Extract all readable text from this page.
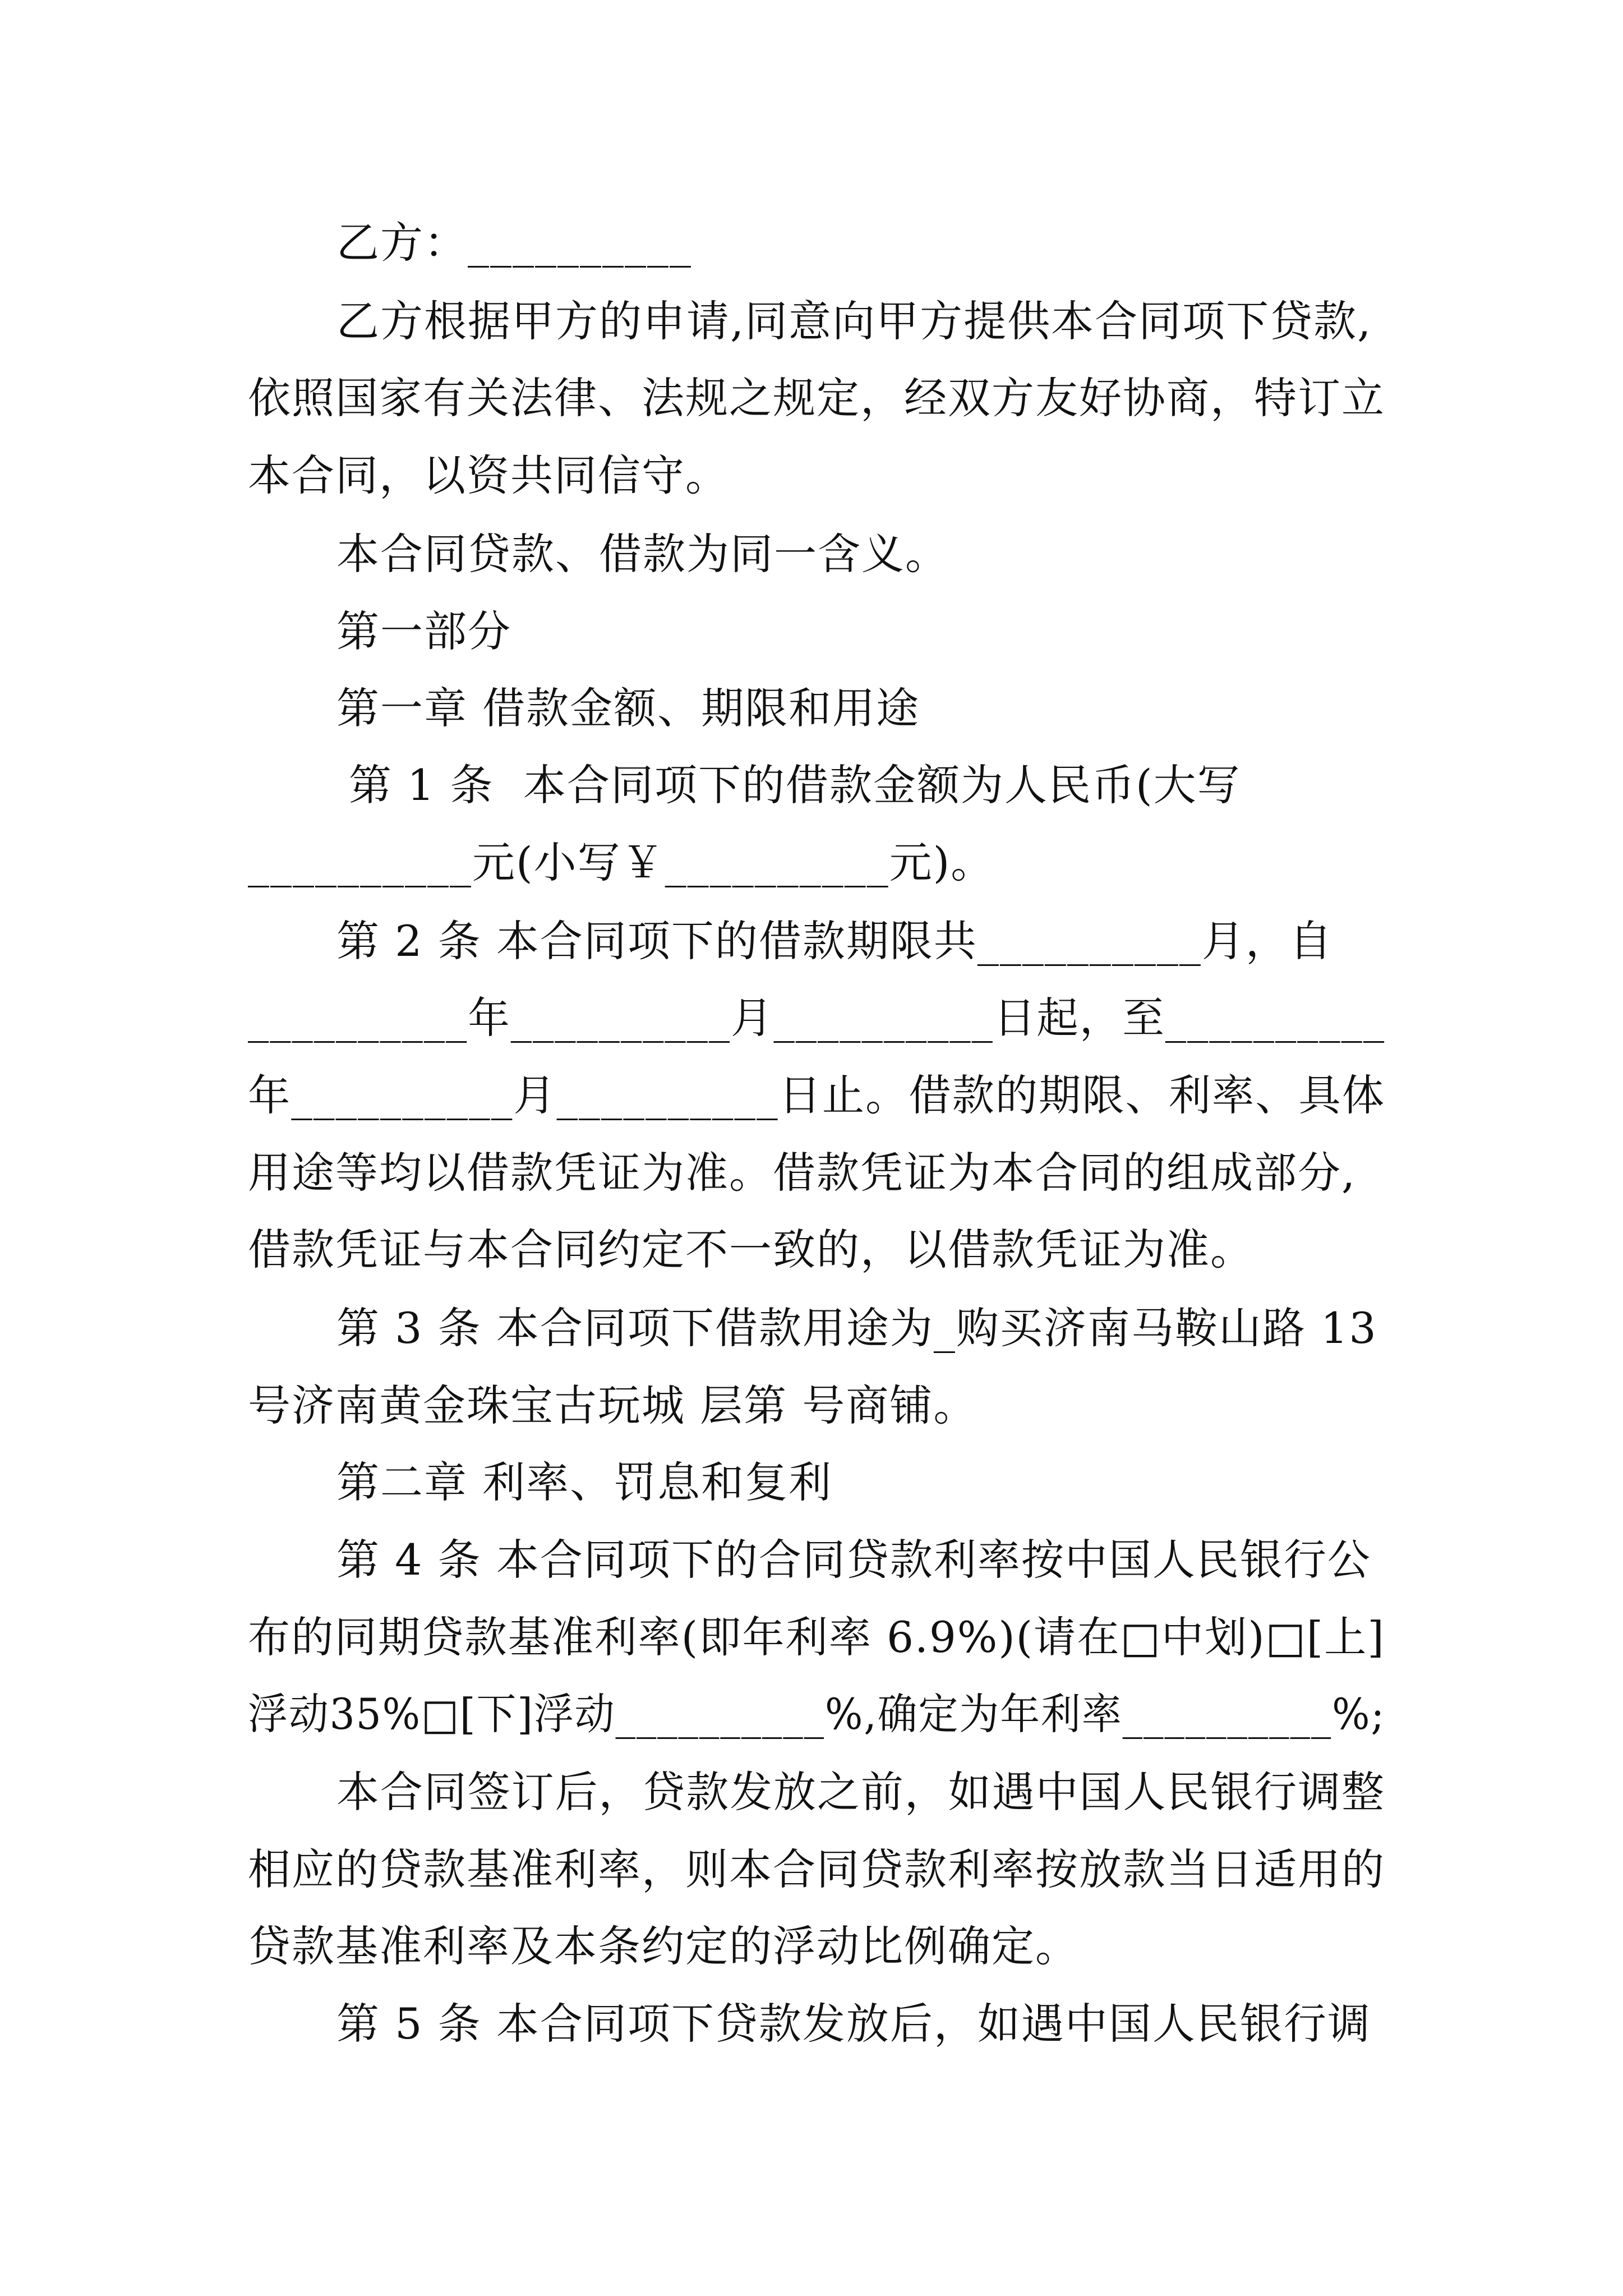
乙方：__________
乙方根据甲方的申请,同意向甲方提供本合同项下贷款,
依照国家有关法律、法规之规定，经双方友好协商，特订立
本合同，以资共同信守。
本合同贷款、借款为同一含义。
第一部分
第一章 借款金额、期限和用途
第 1 条  本合同项下的借款金额为人民币(大写
__________元(小写￥__________元)。
第 2 条 本合同项下的借款期限共__________月，自
__________年__________月__________日起，至__________
年__________月__________日止。借款的期限、利率、具体
用途等均以借款凭证为准。借款凭证为本合同的组成部分,
借款凭证与本合同约定不一致的，以借款凭证为准。
第 3 条 本合同项下借款用途为_购买济南马鞍山路 13
号济南黄金珠宝古玩城 层第 号商铺。
第二章 利率、罚息和复利
第 4 条 本合同项下的合同贷款利率按中国人民银行公
布的同期贷款基准利率(即年利率 6.9%)(请在□中划)□[上]
浮动35%□[下]浮动__________%,确定为年利率__________%;
本合同签订后，贷款发放之前，如遇中国人民银行调整
相应的贷款基准利率，则本合同贷款利率按放款当日适用的
贷款基准利率及本条约定的浮动比例确定。
第 5 条 本合同项下贷款发放后，如遇中国人民银行调
